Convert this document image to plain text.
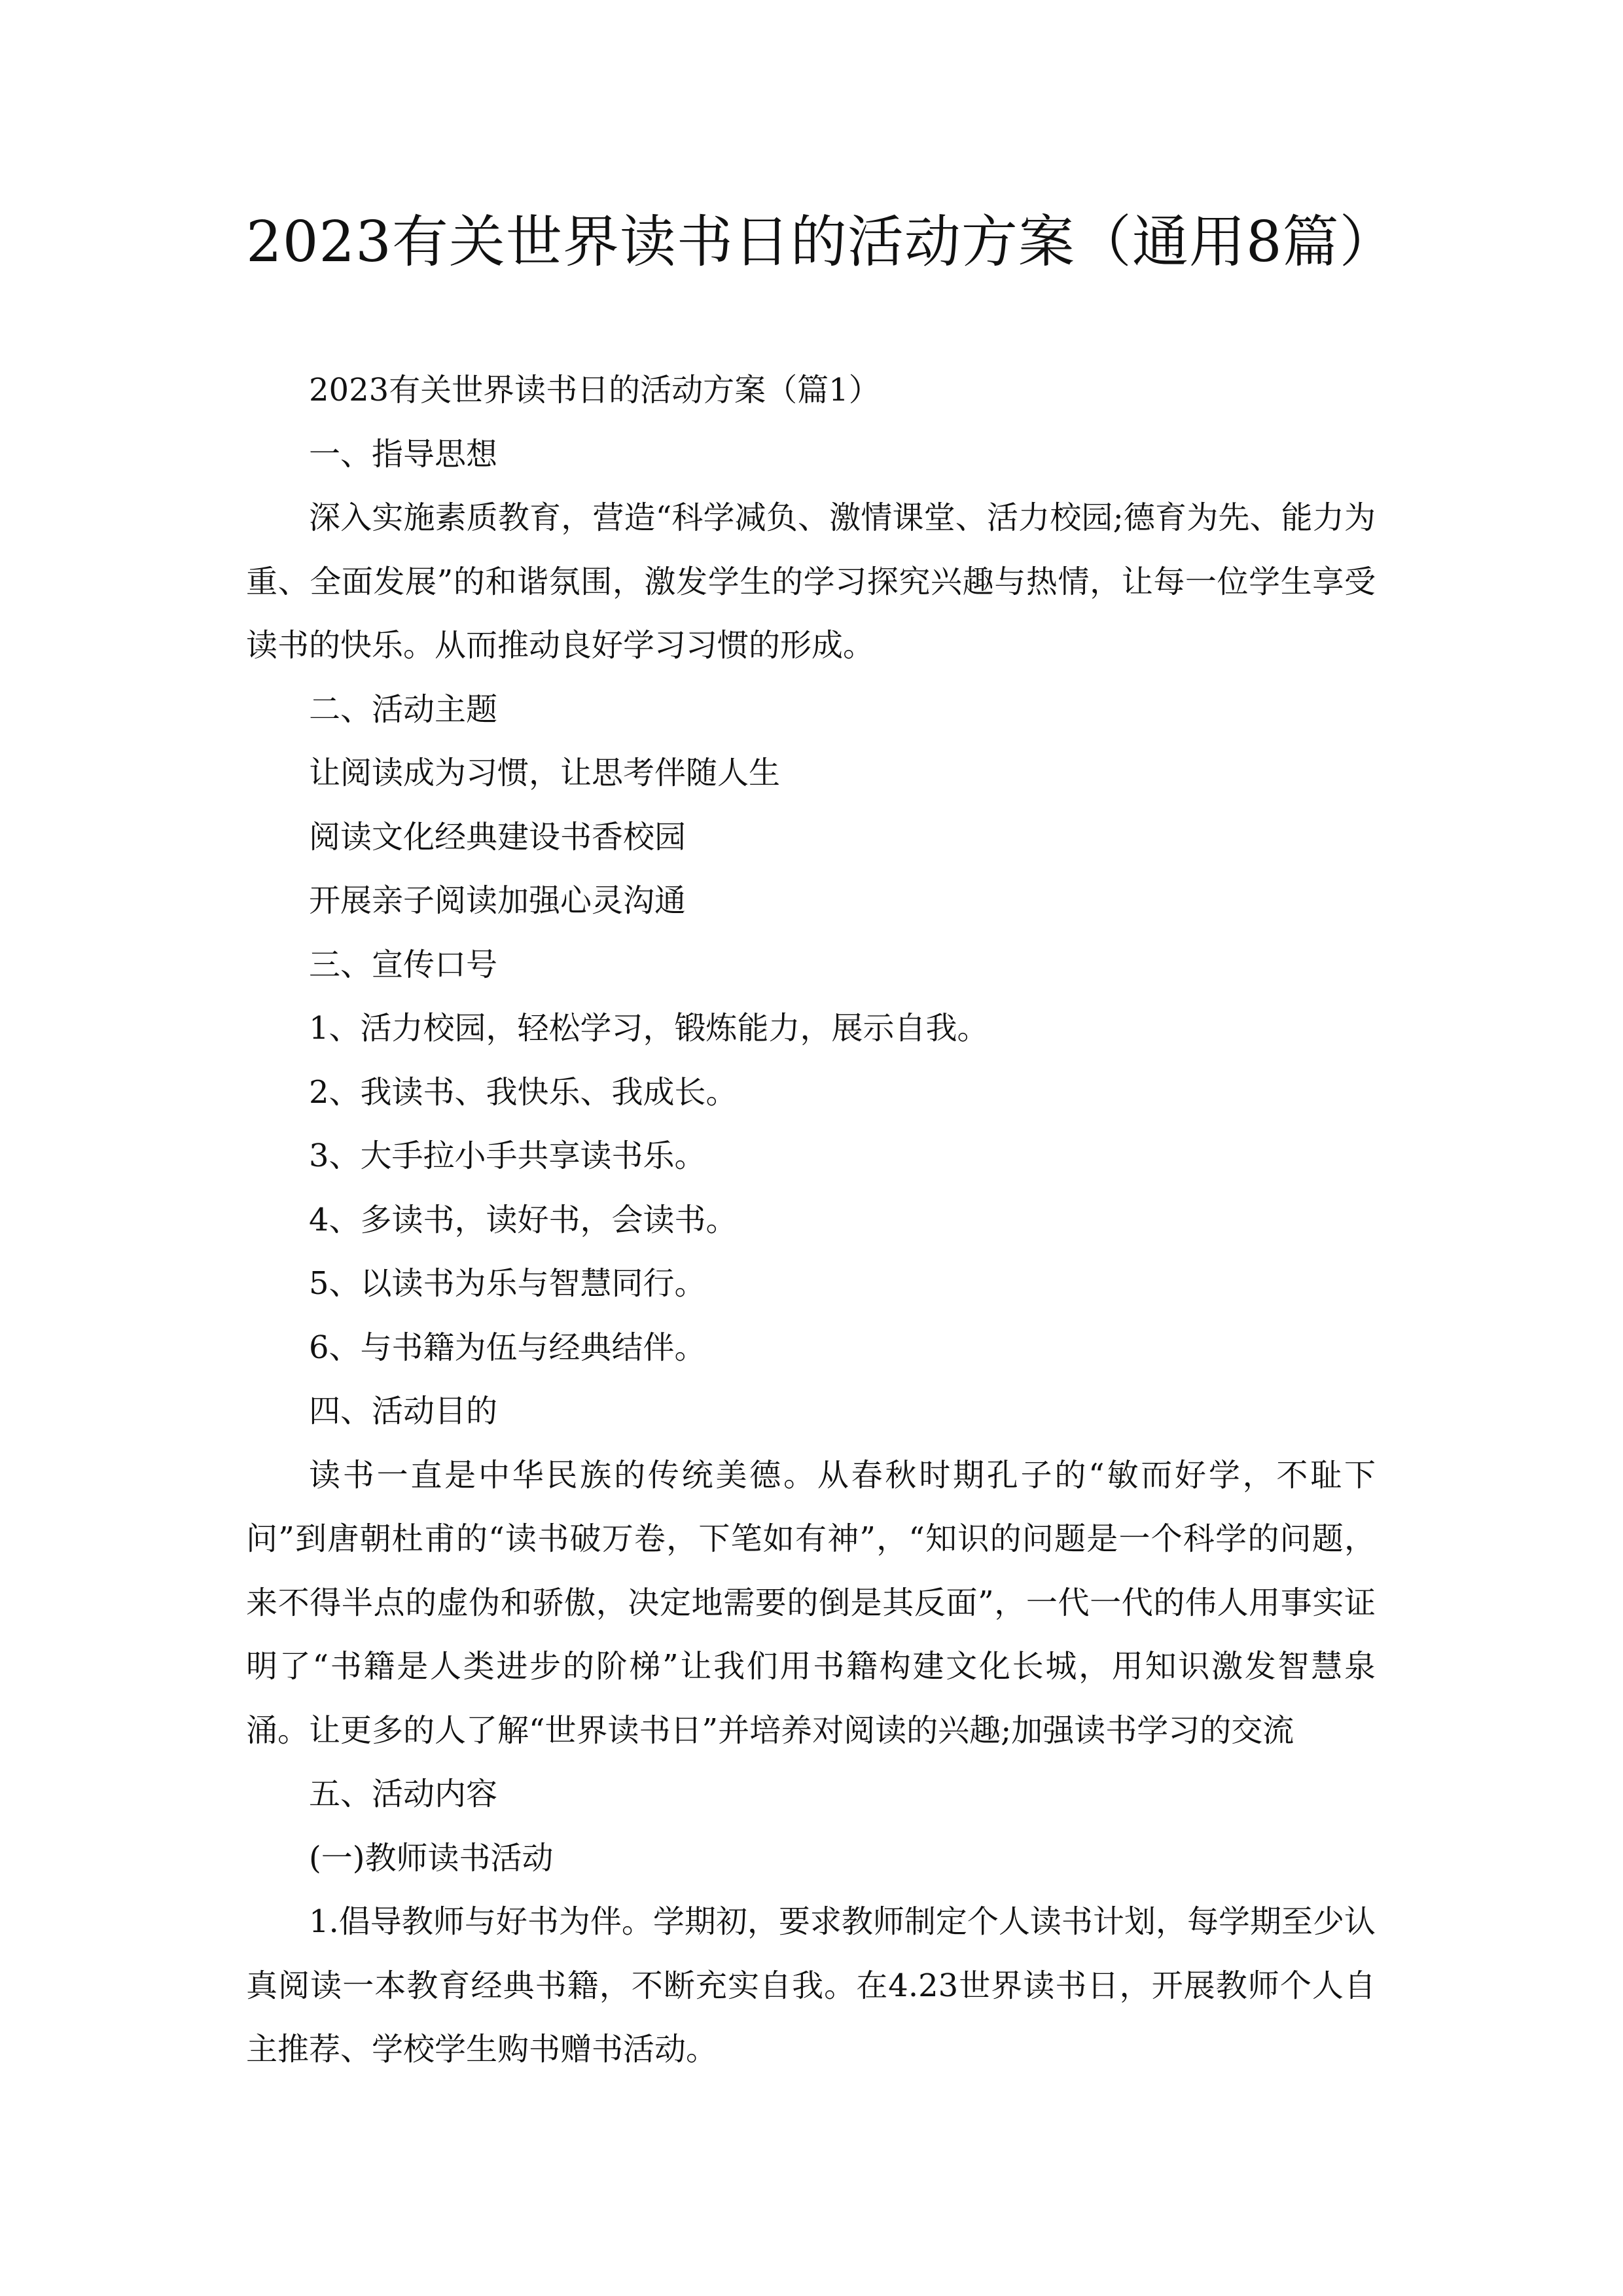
2023有关世界读书日的活动方案（通用8篇）

2023有关世界读书日的活动方案（篇1）

一、指导思想

深入实施素质教育，营造“科学减负、激情课堂、活力校园;德育为先、能力为重、全面发展”的和谐氛围，激发学生的学习探究兴趣与热情，让每一位学生享受读书的快乐。从而推动良好学习习惯的形成。

二、活动主题

让阅读成为习惯，让思考伴随人生

阅读文化经典建设书香校园

开展亲子阅读加强心灵沟通

三、宣传口号

1、活力校园，轻松学习，锻炼能力，展示自我。

2、我读书、我快乐、我成长。

3、大手拉小手共享读书乐。

4、多读书，读好书，会读书。

5、以读书为乐与智慧同行。

6、与书籍为伍与经典结伴。

四、活动目的

读书一直是中华民族的传统美德。从春秋时期孔子的“敏而好学，不耻下问”到唐朝杜甫的“读书破万卷，下笔如有神”，“知识的问题是一个科学的问题，来不得半点的虚伪和骄傲，决定地需要的倒是其反面”，一代一代的伟人用事实证明了“书籍是人类进步的阶梯”让我们用书籍构建文化长城，用知识激发智慧泉涌。让更多的人了解“世界读书日”并培养对阅读的兴趣;加强读书学习的交流

五、活动内容

(一)教师读书活动

1.倡导教师与好书为伴。学期初，要求教师制定个人读书计划，每学期至少认真阅读一本教育经典书籍，不断充实自我。在4.23世界读书日，开展教师个人自主推荐、学校学生购书赠书活动。
